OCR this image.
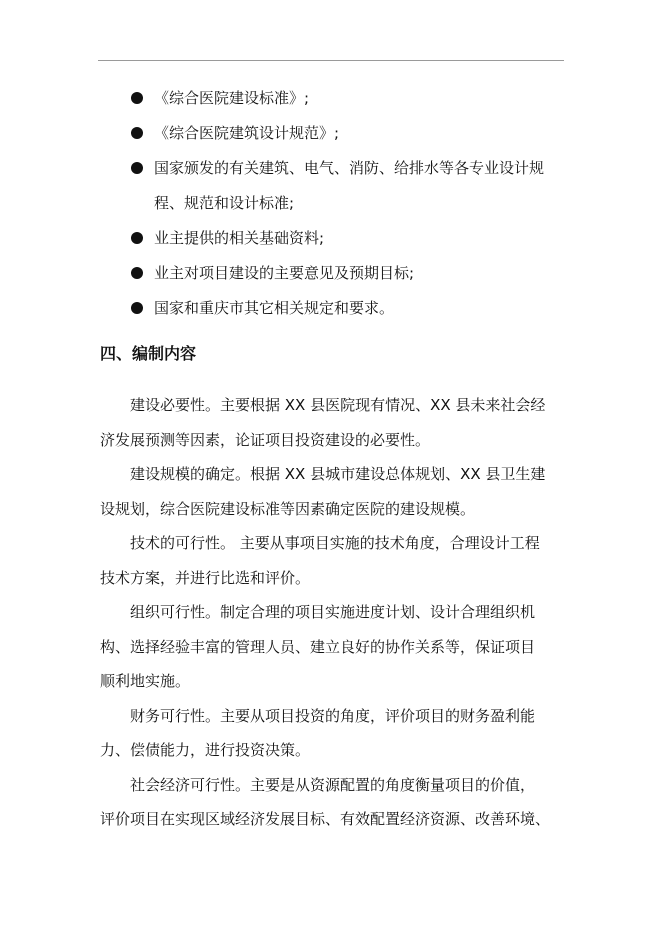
《综合医院建设标准》;
《综合医院建筑设计规范》;
国家颁发的有关建筑、电气、消防、给排水等各专业设计规
程、规范和设计标准;
业主提供的相关基础资料;
业主对项目建设的主要意见及预期目标;
国家和重庆市其它相关规定和要求。
四、编制内容
建设必要性。主要根据 XX 县医院现有情况、XX 县未来社会经
济发展预测等因素，论证项目投资建设的必要性。
建设规模的确定。根据 XX 县城市建设总体规划、XX 县卫生建
设规划，综合医院建设标准等因素确定医院的建设规模。
技术的可行性。 主要从事项目实施的技术角度，合理设计工程
技术方案，并进行比选和评价。
组织可行性。制定合理的项目实施进度计划、设计合理组织机
构、选择经验丰富的管理人员、建立良好的协作关系等，保证项目
顺利地实施。
财务可行性。主要从项目投资的角度，评价项目的财务盈利能
力、偿债能力，进行投资决策。
社会经济可行性。主要是从资源配置的角度衡量项目的价值，
评价项目在实现区域经济发展目标、有效配置经济资源、改善环境、
